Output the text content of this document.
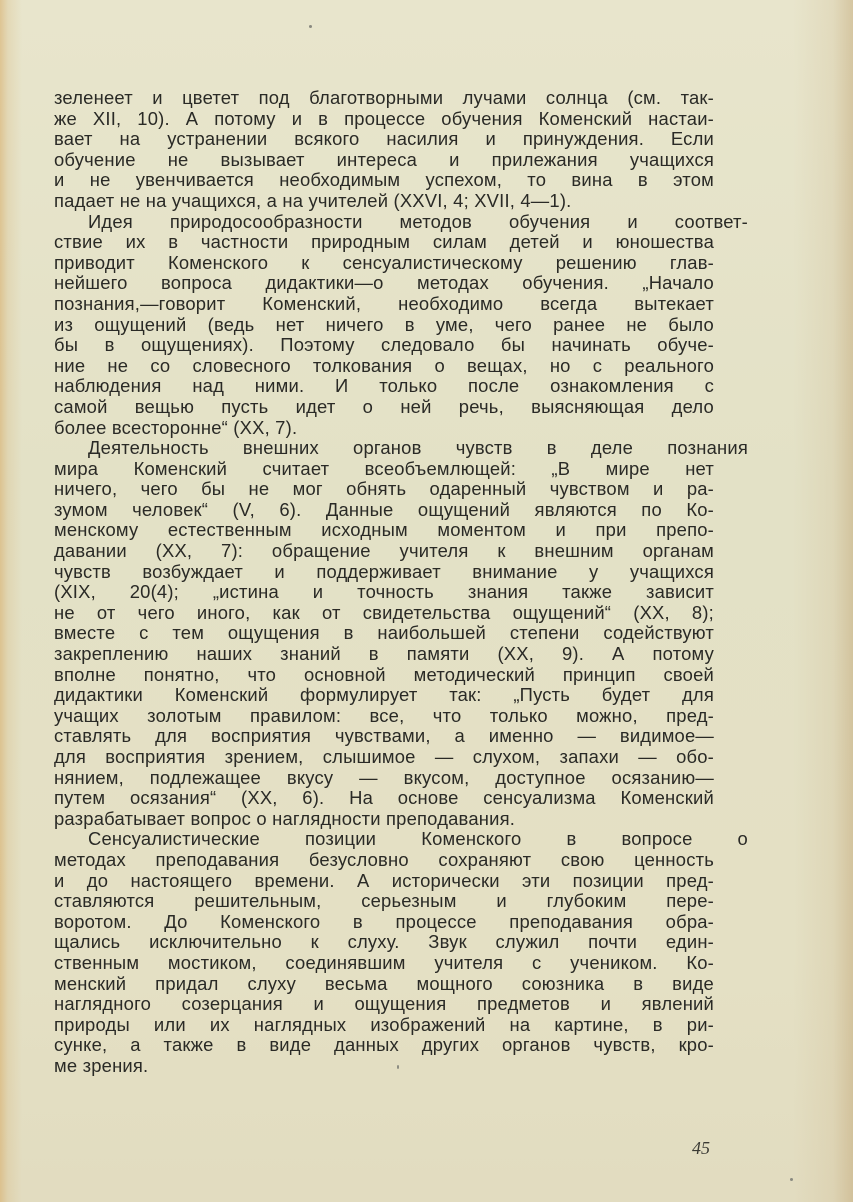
зеленеет и цветет под благотворными лучами солнца (см. так-
же XII, 10). А потому и в процессе обучения Коменский настаи-
вает на устранении всякого насилия и принуждения. Если
обучение не вызывает интереса и прилежания учащихся
и не увенчивается необходимым успехом, то вина в этом
падает не на учащихся, а на учителей (XXVI, 4; XVII, 4—1).
Идея природосообразности методов обучения и соответ-
ствие их в частности природным силам детей и юношества
приводит Коменского к сенсуалистическому решению глав-
нейшего вопроса дидактики—о методах обучения. „Начало
познания,—говорит Коменский, необходимо всегда вытекает
из ощущений (ведь нет ничего в уме, чего ранее не было
бы в ощущениях). Поэтому следовало бы начинать обуче-
ние не со словесного толкования о вещах, но с реального
наблюдения над ними. И только после ознакомления с
самой вещью пусть идет о ней речь, выясняющая дело
более всесторонне“ (XX, 7).
Деятельность внешних органов чувств в деле познания
мира Коменский считает всеобъемлющей: „В мире нет
ничего, чего бы не мог обнять одаренный чувством и ра-
зумом человек“ (V, 6). Данные ощущений являются по Ко-
менскому естественным исходным моментом и при препо-
давании (XX, 7): обращение учителя к внешним органам
чувств возбуждает и поддерживает внимание у учащихся
(XIX, 20(4); „истина и точность знания также зависит
не от чего иного, как от свидетельства ощущений“ (XX, 8);
вместе с тем ощущения в наибольшей степени содействуют
закреплению наших знаний в памяти (XX, 9). А потому
вполне понятно, что основной методический принцип своей
дидактики Коменский формулирует так: „Пусть будет для
учащих золотым правилом: все, что только можно, пред-
ставлять для восприятия чувствами, а именно — видимое—
для восприятия зрением, слышимое — слухом, запахи — обо-
нянием, подлежащее вкусу — вкусом, доступное осязанию—
путем осязания“ (XX, 6). На основе сенсуализма Коменский
разрабатывает вопрос о наглядности преподавания.
Сенсуалистические позиции Коменского в вопросе о
методах преподавания безусловно сохраняют свою ценность
и до настоящего времени. А исторически эти позиции пред-
ставляются решительным, серьезным и глубоким пере-
воротом. До Коменского в процессе преподавания обра-
щались исключительно к слуху. Звук служил почти един-
ственным мостиком, соединявшим учителя с учеником. Ко-
менский придал слуху весьма мощного союзника в виде
наглядного созерцания и ощущения предметов и явлений
природы или их наглядных изображений на картине, в ри-
сунке, а также в виде данных других органов чувств, кро-
ме зрения.
45
